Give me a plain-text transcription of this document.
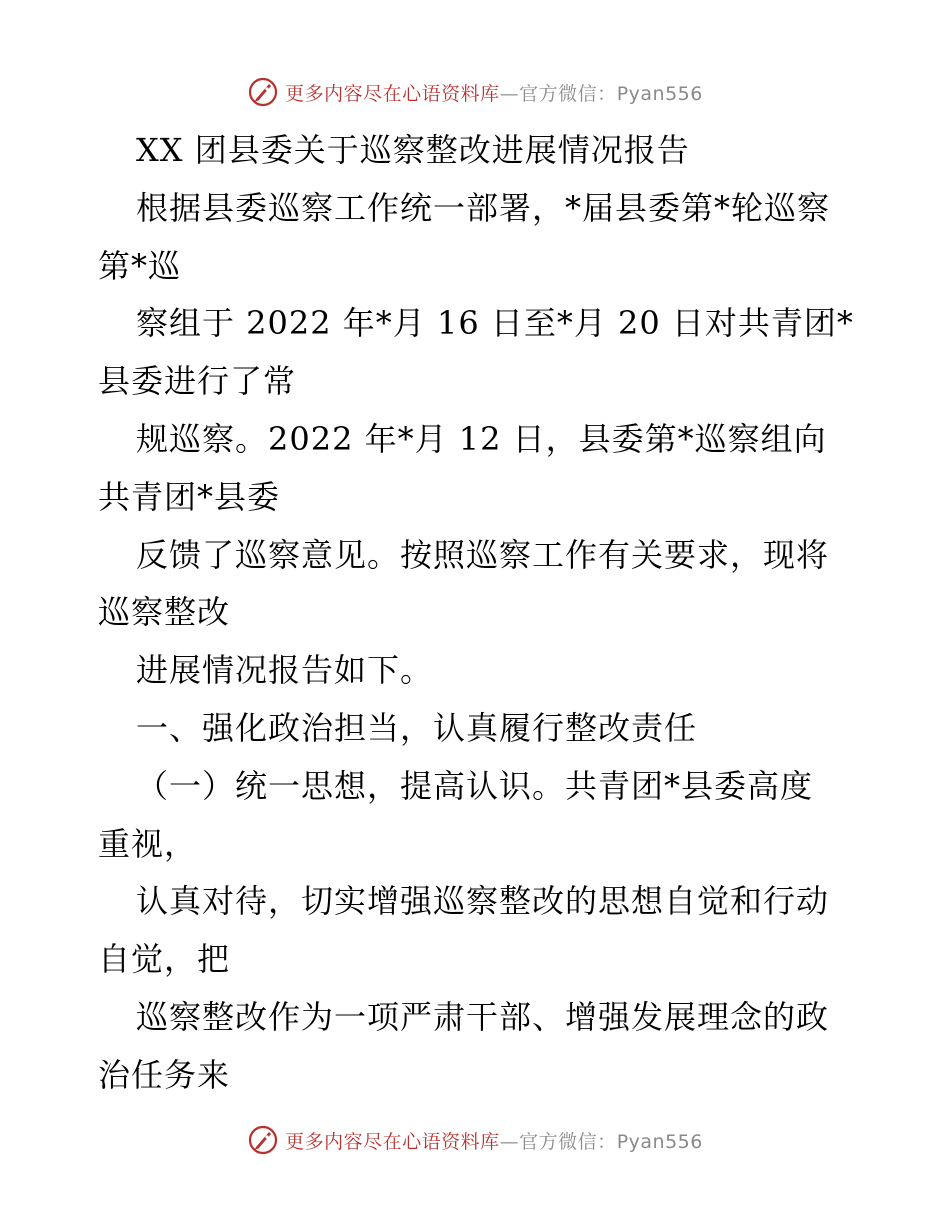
更多内容尽在心语资料库—官方微信：Pyan556
XX 团县委关于巡察整改进展情况报告
根据县委巡察工作统一部署，*届县委第*轮巡察
第*巡
察组于 2022 年*月 16 日至*月 20 日对共青团*
县委进行了常
规巡察。2022 年*月 12 日，县委第*巡察组向
共青团*县委
反馈了巡察意见。按照巡察工作有关要求，现将
巡察整改
进展情况报告如下。
一、强化政治担当，认真履行整改责任
（一）统一思想，提高认识。共青团*县委高度
重视，
认真对待，切实增强巡察整改的思想自觉和行动
自觉，把
巡察整改作为一项严肃干部、增强发展理念的政
治任务来
更多内容尽在心语资料库—官方微信：Pyan556
